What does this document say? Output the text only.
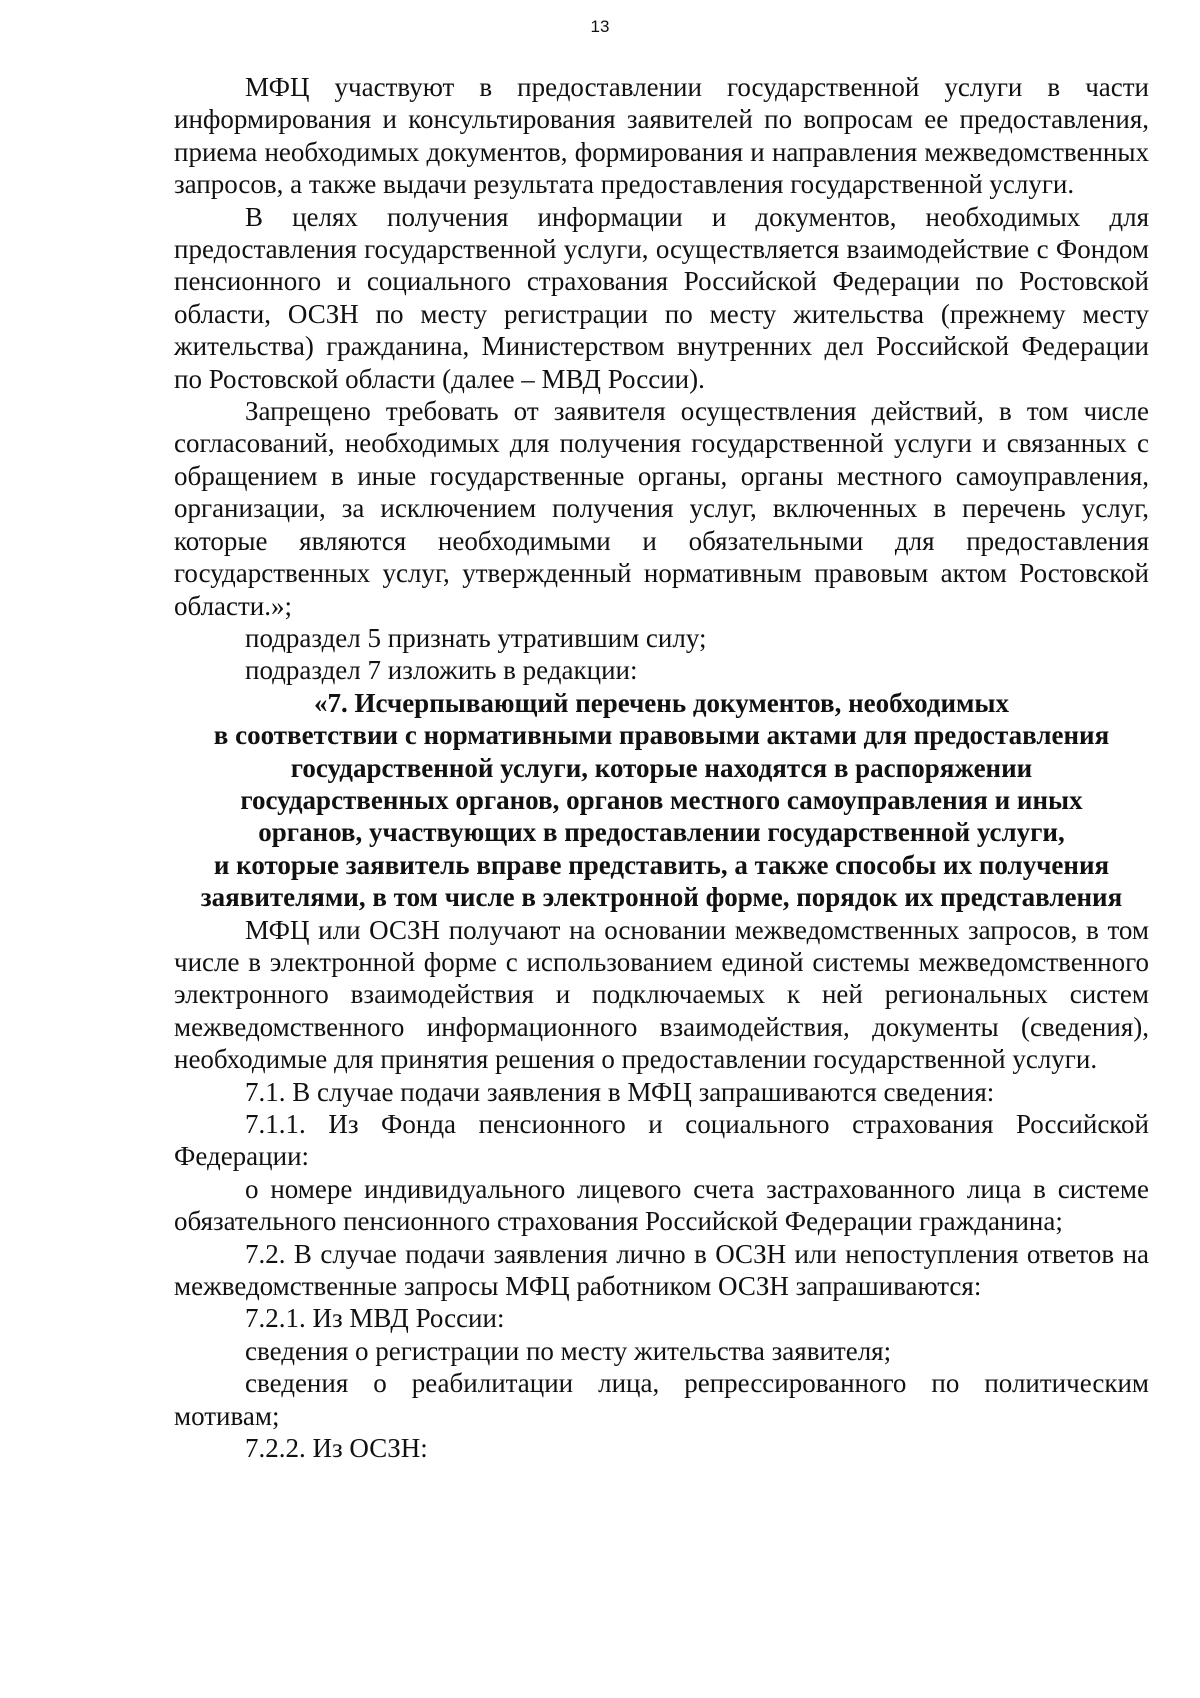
13

МФЦ участвуют в предоставлении государственной услуги в части информирования и консультирования заявителей по вопросам ее предоставления, приема необходимых документов, формирования и направления межведомственных запросов, а также выдачи результата предоставления государственной услуги.

В целях получения информации и документов, необходимых для предоставления государственной услуги, осуществляется взаимодействие с Фондом пенсионного и социального страхования Российской Федерации по Ростовской области, ОСЗН по месту регистрации по месту жительства (прежнему месту жительства) гражданина, Министерством внутренних дел Российской Федерации по Ростовской области (далее – МВД России).

Запрещено требовать от заявителя осуществления действий, в том числе согласований, необходимых для получения государственной услуги и связанных с обращением в иные государственные органы, органы местного самоуправления, организации, за исключением получения услуг, включенных в перечень услуг, которые являются необходимыми и обязательными для предоставления государственных услуг, утвержденный нормативным правовым актом Ростовской области.»;

подраздел 5 признать утратившим силу;

подраздел 7 изложить в редакции:

«7. Исчерпывающий перечень документов, необходимых
в соответствии с нормативными правовыми актами для предоставления
государственной услуги, которые находятся в распоряжении
государственных органов, органов местного самоуправления и иных
органов, участвующих в предоставлении государственной услуги,
и которые заявитель вправе представить, а также способы их получения
заявителями, в том числе в электронной форме, порядок их представления

МФЦ или ОСЗН получают на основании межведомственных запросов, в том числе в электронной форме с использованием единой системы межведомственного электронного взаимодействия и подключаемых к ней региональных систем межведомственного информационного взаимодействия, документы (сведения), необходимые для принятия решения о предоставлении государственной услуги.

7.1. В случае подачи заявления в МФЦ запрашиваются сведения:

7.1.1. Из Фонда пенсионного и социального страхования Российской Федерации:

о номере индивидуального лицевого счета застрахованного лица в системе обязательного пенсионного страхования Российской Федерации гражданина;

7.2. В случае подачи заявления лично в ОСЗН или непоступления ответов на межведомственные запросы МФЦ работником ОСЗН запрашиваются:

7.2.1. Из МВД России:

сведения о регистрации по месту жительства заявителя;

сведения о реабилитации лица, репрессированного по политическим мотивам;

7.2.2. Из ОСЗН:
